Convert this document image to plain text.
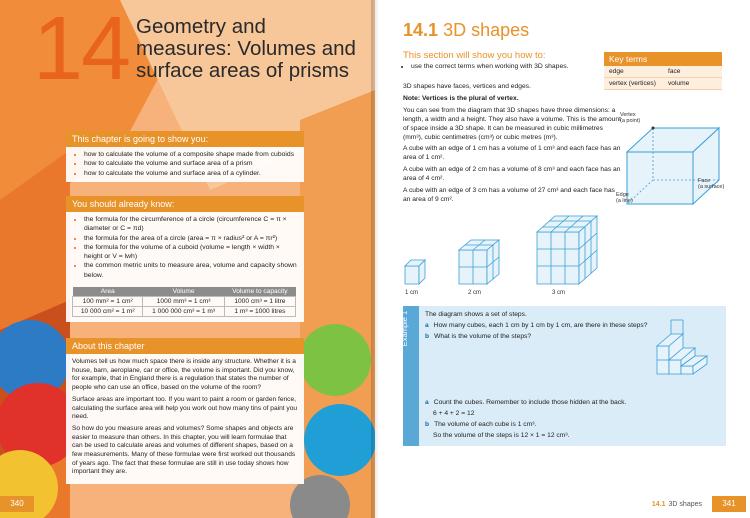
14 Geometry and measures: Volumes and surface areas of prisms
This chapter is going to show you:
• how to calculate the volume of a composite shape made from cuboids
• how to calculate the volume and surface area of a prism
• how to calculate the volume and surface area of a cylinder.
You should already know:
• the formula for the circumference of a circle (circumference C = π × diameter or C = πd)
• the formula for the area of a circle (area = π × radius² or A = πr²)
• the formula for the volume of a cuboid (volume = length × width × height or V = lwh)
• the common metric units to measure area, volume and capacity shown below.
Area	Volume	Volume to capacity
100 mm² = 1 cm²	1000 mm³ = 1 cm³	1000 cm³ = 1 litre
10 000 cm² = 1 m²	1 000 000 cm³ = 1 m³	1 m³ = 1000 litres
About this chapter

Volumes tell us how much space there is inside any structure. Whether it is a house, barn, aeroplane, car or office, the volume is important. Did you know, for example, that in England there is a regulation that states the number of people who can use an office, based on the volume of the room?

Surface areas are important too. If you want to paint a room or garden fence, calculating the surface area will help you work out how many tins of paint you need.

So how do you measure areas and volumes? Some shapes and objects are easier to measure than others. In this chapter, you will learn formulae that can be used to calculate areas and volumes of different shapes, based on a few measurements. Many of these formulae were first worked out thousands of years ago. The fact that these formulae are still in use today shows how important they are.

340
14.1 3D shapes
This section will show you how to:
• use the correct terms when working with 3D shapes.
Key terms
edge	face
vertex (vertices)	volume

3D shapes have faces, vertices and edges.

Note: Vertices is the plural of vertex.

You can see from the diagram that 3D shapes have three dimensions: a length, a width and a height. They also have a volume. This is the amount of space inside a 3D shape. It can be measured in cubic millimetres (mm³), cubic centimetres (cm³) or cubic metres (m³).

A cube with an edge of 1 cm has a volume of 1 cm³ and each face has an area of 1 cm².

A cube with an edge of 2 cm has a volume of 8 cm³ and each face has an area of 4 cm².

A cube with an edge of 3 cm has a volume of 27 cm³ and each face has an area of 9 cm².

Vertex
(a point)
Face
(a surface)
Edge
(a line)
1 cm	2 cm	3 cm
Example 1 The diagram shows a set of steps.
a How many cubes, each 1 cm by 1 cm by 1 cm, are there in these steps?
b What is the volume of the steps?
a Count the cubes. Remember to include those hidden at the back.
6 + 4 + 2 = 12
b The volume of each cube is 1 cm³.
So the volume of the steps is 12 × 1 = 12 cm³.
14.1 3D shapes	341
